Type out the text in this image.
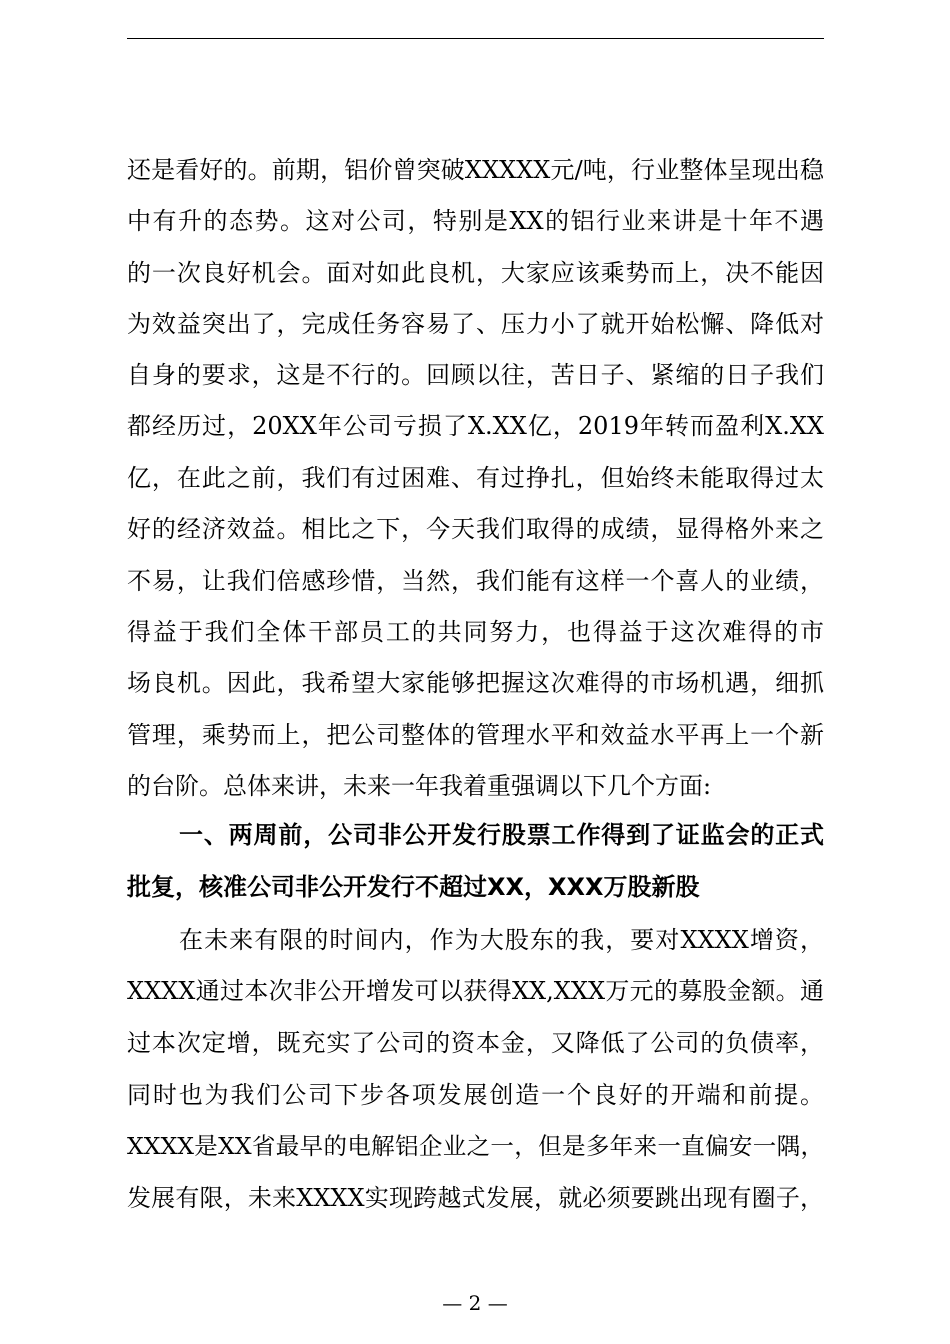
还是看好的。前期，铝价曾突破XXXXX元/吨，行业整体呈现出稳
中有升的态势。这对公司，特别是XX的铝行业来讲是十年不遇
的一次良好机会。面对如此良机，大家应该乘势而上，决不能因
为效益突出了，完成任务容易了、压力小了就开始松懈、降低对
自身的要求，这是不行的。回顾以往，苦日子、紧缩的日子我们
都经历过，20XX年公司亏损了X.XX亿，2019年转而盈利X.XX
亿，在此之前，我们有过困难、有过挣扎，但始终未能取得过太
好的经济效益。相比之下，今天我们取得的成绩，显得格外来之
不易，让我们倍感珍惜，当然，我们能有这样一个喜人的业绩，
得益于我们全体干部员工的共同努力，也得益于这次难得的市
场良机。因此，我希望大家能够把握这次难得的市场机遇，细抓
管理，乘势而上，把公司整体的管理水平和效益水平再上一个新
的台阶。总体来讲，未来一年我着重强调以下几个方面:
一、两周前，公司非公开发行股票工作得到了证监会的正式
批复，核准公司非公开发行不超过XX，XXX万股新股
在未来有限的时间内，作为大股东的我，要对XXXX增资，
XXXX通过本次非公开增发可以获得XX,XXX万元的募股金额。通
过本次定增，既充实了公司的资本金，又降低了公司的负债率，
同时也为我们公司下步各项发展创造一个良好的开端和前提。
XXXX是XX省最早的电解铝企业之一，但是多年来一直偏安一隅，
发展有限，未来XXXX实现跨越式发展，就必须要跳出现有圈子，
— 2 —
